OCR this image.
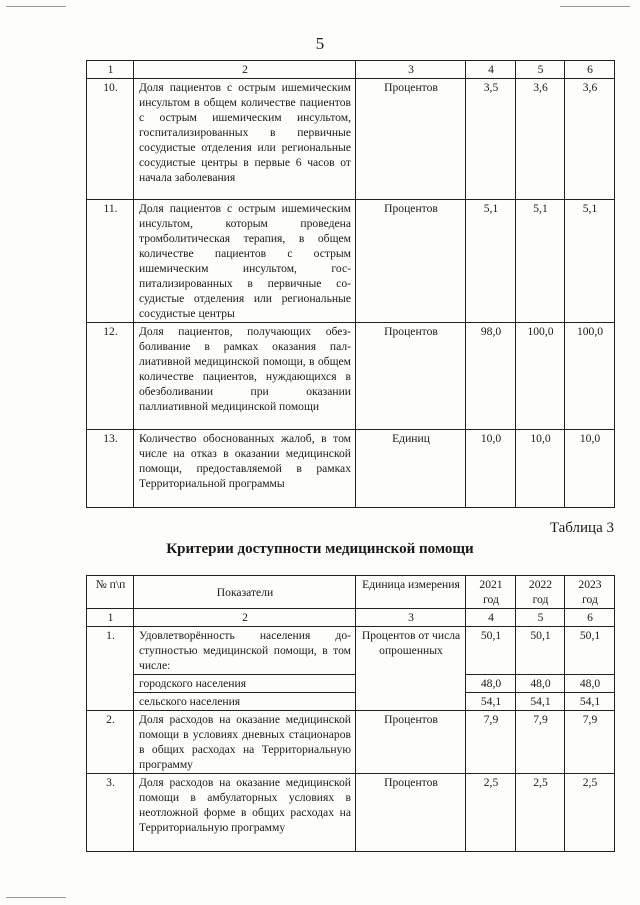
5
1	2	3	4	5	6
10.	Доля пациентов с острым ишемическим инсультом в общем количестве пациентов с острым ишемическим инсультом, госпитализированных в первичные сосудистые отделения или региональные сосудистые центры в первые 6 часов от начала заболевания	Процентов	3,5	3,6	3,6
11.	Доля пациентов с острым ишемическим инсультом, которым проведена тромболитическая терапия, в общем количестве пациентов с острым ишемическим инсультом, госпитализированных в первичные сосудистые отделения или региональные сосудистые центры	Процентов	5,1	5,1	5,1
12.	Доля пациентов, получающих обезболивание в рамках оказания паллиативной медицинской помощи, в общем количестве пациентов, нуждающихся в обезболивании при оказании паллиативной медицинской помощи	Процентов	98,0	100,0	100,0
13.	Количество обоснованных жалоб, в том числе на отказ в оказании медицинской помощи, предоставляемой в рамках Территориальной программы	Единиц	10,0	10,0	10,0
Таблица 3
Критерии доступности медицинской помощи
№ п\п	Показатели	Единица измерения	2021 год	2022 год	2023 год
1	2	3	4	5	6
1.	Удовлетворённость населения доступностью медицинской помощи, в том числе:	Процентов от числа опрошенных	50,1	50,1	50,1
	городского населения		48,0	48,0	48,0
	сельского населения		54,1	54,1	54,1
2.	Доля расходов на оказание медицинской помощи в условиях дневных стационаров в общих расходах на Территориальную программу	Процентов	7,9	7,9	7,9
3.	Доля расходов на оказание медицинской помощи в амбулаторных условиях в неотложной форме в общих расходах на Территориальную программу	Процентов	2,5	2,5	2,5
